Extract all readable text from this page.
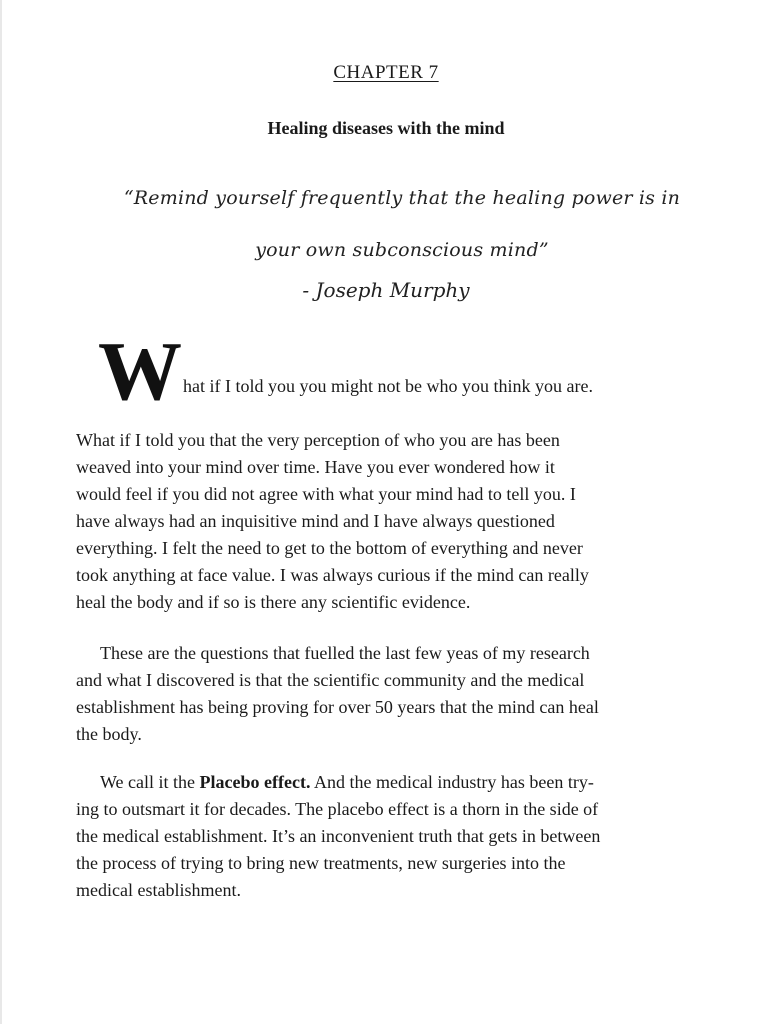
CHAPTER 7
Healing diseases with the mind
“Remind yourself frequently that the healing power is in your own subconscious mind”
- Joseph Murphy
W hat if I told you you might not be who you think you are.
What if I told you that the very perception of who you are has been
weaved into your mind over time. Have you ever wondered how it
would feel if you did not agree with what your mind had to tell you. I
have always had an inquisitive mind and I have always questioned
everything. I felt the need to get to the bottom of everything and never
took anything at face value. I was always curious if the mind can really
heal the body and if so is there any scientific evidence.
These are the questions that fuelled the last few yeas of my research
and what I discovered is that the scientific community and the medical
establishment has being proving for over 50 years that the mind can heal
the body.
We call it the Placebo effect. And the medical industry has been try-
ing to outsmart it for decades. The placebo effect is a thorn in the side of
the medical establishment. It’s an inconvenient truth that gets in between
the process of trying to bring new treatments, new surgeries into the
medical establishment.
